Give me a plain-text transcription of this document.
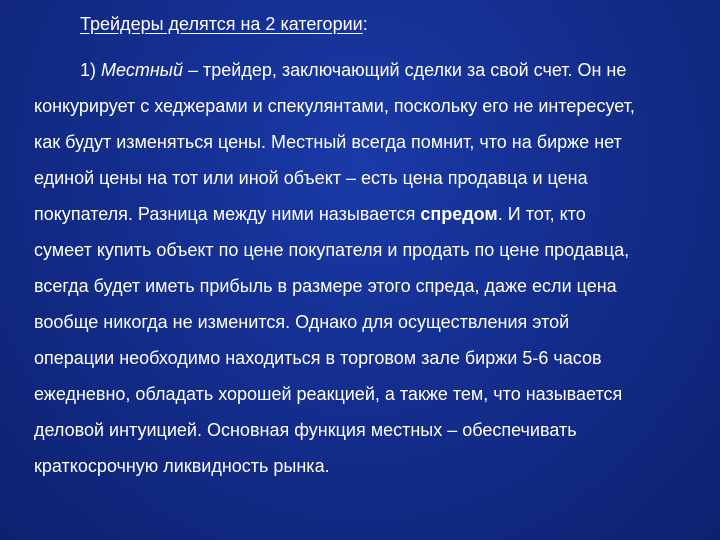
Трейдеры делятся на 2 категории:
1) Местный – трейдер, заключающий сделки за свой счет. Он не
конкурирует с хеджерами и спекулянтами, поскольку его не интересует,
как будут изменяться цены. Местный всегда помнит, что на бирже нет
единой цены на тот или иной объект – есть цена продавца и цена
покупателя. Разница между ними называется спредом. И тот, кто
сумеет купить объект по цене покупателя и продать по цене продавца,
всегда будет иметь прибыль в размере этого спреда, даже если цена
вообще никогда не изменится. Однако для осуществления этой
операции необходимо находиться в торговом зале биржи 5-6 часов
ежедневно, обладать хорошей реакцией, а также тем, что называется
деловой интуицией. Основная функция местных – обеспечивать
краткосрочную ликвидность рынка.
